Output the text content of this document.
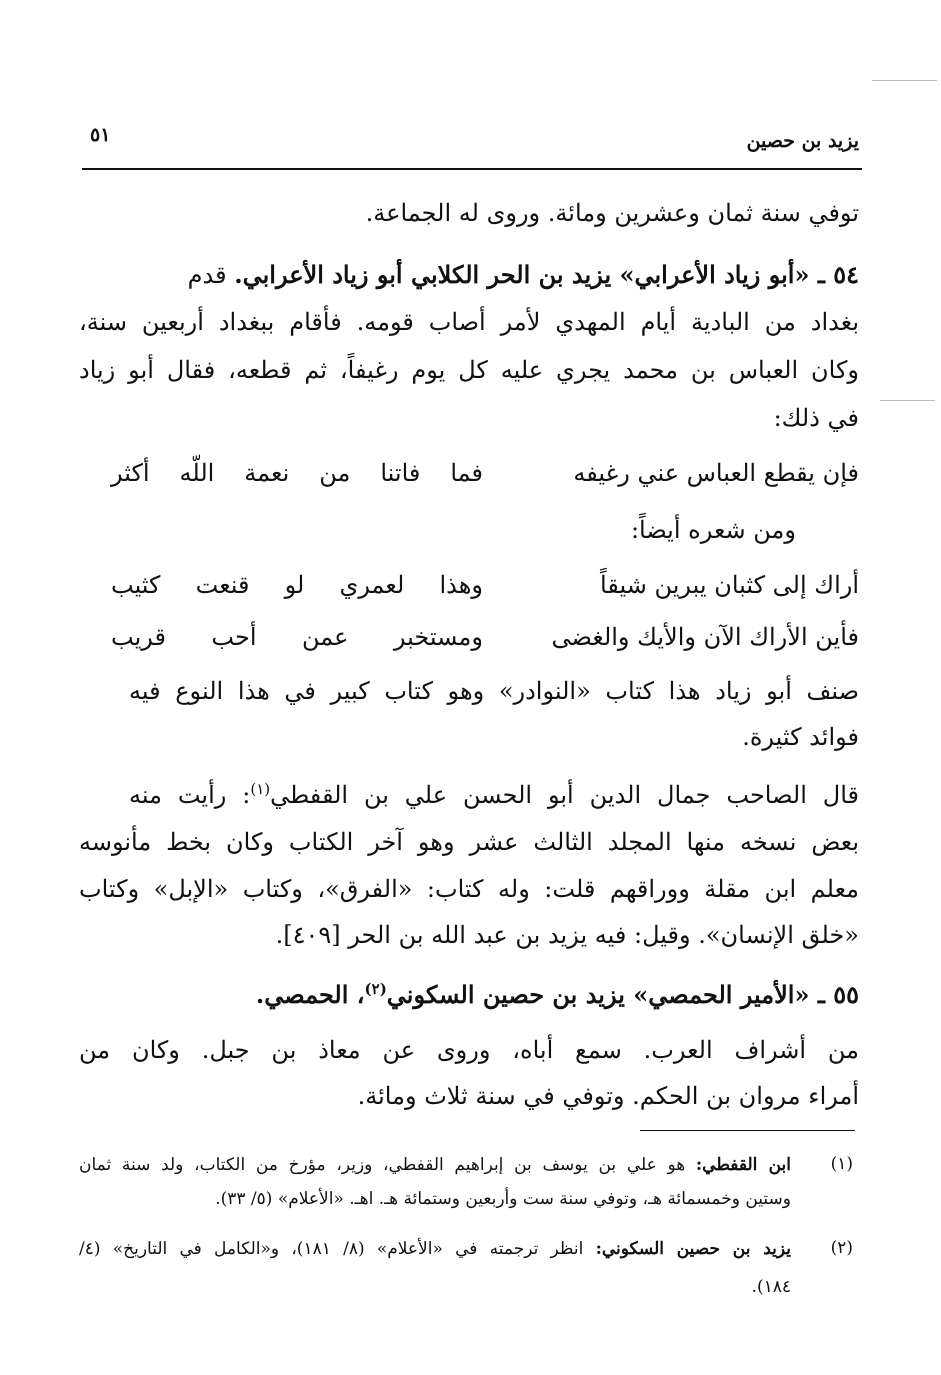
يزيد بن حصين
٥١
توفي سنة ثمان وعشرين ومائة. وروى له الجماعة.
٥٤ ـ «أبو زياد الأعرابي» يزيد بن الحر الكلابي أبو زياد الأعرابي. قدم
بغداد من البادية أيام المهدي لأمر أصاب قومه. فأقام ببغداد أربعين سنة،
وكان العباس بن محمد يجري عليه كل يوم رغيفاً، ثم قطعه، فقال أبو زياد
في ذلك:
فإن يقطع العباس عني رغيفه
فما فاتنا من نعمة اللّه أكثر
ومن شعره أيضاً:
أراك إلى كثبان يبرين شيقاً
وهذا لعمري لو قنعت كثيب
فأين الأراك الآن والأيك والغضى
ومستخبر عمن أحب قريب
صنف أبو زياد هذا كتاب «النوادر» وهو كتاب كبير في هذا النوع فيه
فوائد كثيرة.
قال الصاحب جمال الدين أبو الحسن علي بن القفطي$^{(١)}$: رأيت منه
بعض نسخه منها المجلد الثالث عشر وهو آخر الكتاب وكان بخط مأنوسه
معلم ابن مقلة ووراقهم قلت: وله كتاب: «الفرق»، وكتاب «الإبل» وكتاب
«خلق الإنسان». وقيل: فيه يزيد بن عبد الله بن الحر [٤٠٩].
٥٥ ـ «الأمير الحمصي» يزيد بن حصين السكوني$^{(٢)}$، الحمصي.
من أشراف العرب. سمع أباه، وروى عن معاذ بن جبل. وكان من
أمراء مروان بن الحكم. وتوفي في سنة ثلاث ومائة.
(١)
ابن القفطي: هو علي بن يوسف بن إبراهيم القفطي، وزير، مؤرخ من الكتاب، ولد سنة ثمان
وستين وخمسمائة هـ، وتوفي سنة ست وأربعين وستمائة هـ. اهـ. «الأعلام» (٥/ ٣٣).
(٢)
يزيد بن حصين السكوني: انظر ترجمته في «الأعلام» (٨/ ١٨١)، و«الكامل في التاريخ» (٤/
١٨٤).
